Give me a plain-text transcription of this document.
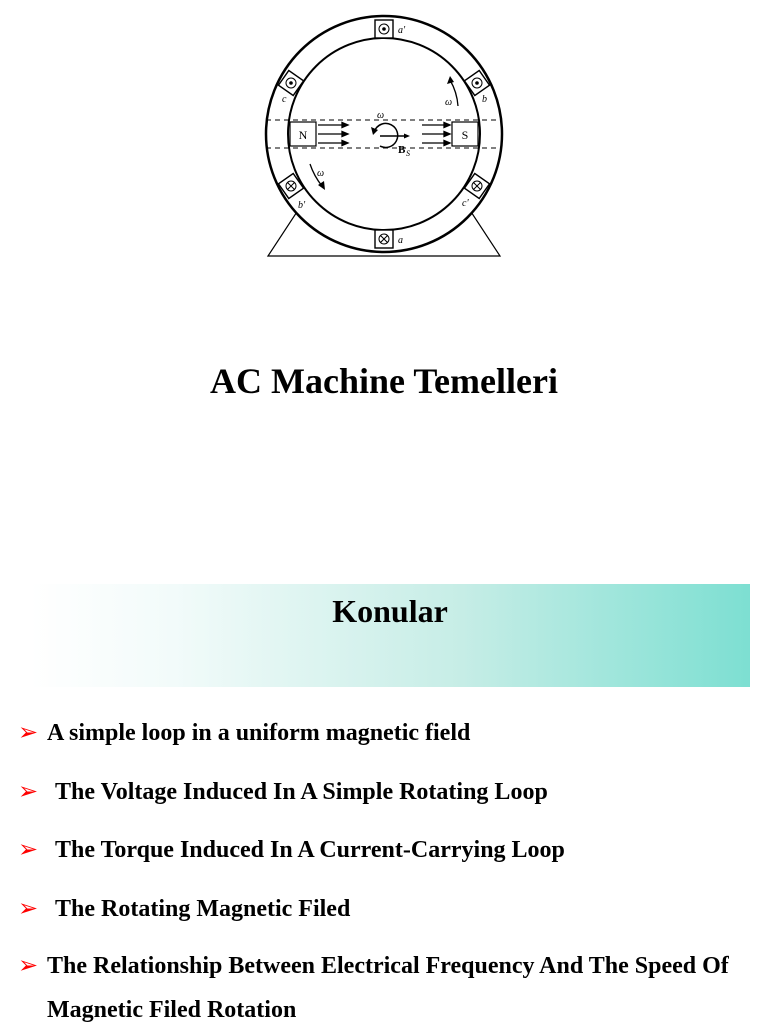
a'
a
b
b'
c
c'
N	S
ω
B S
ω
ω
AC Machine Temelleri
Konular
➢ A simple loop in a uniform magnetic field
➢ The Voltage Induced In A Simple Rotating Loop
➢ The Torque Induced In A Current-Carrying Loop
➢ The Rotating Magnetic Filed
➢ The Relationship Between Electrical Frequency And The Speed Of Magnetic Filed Rotation
